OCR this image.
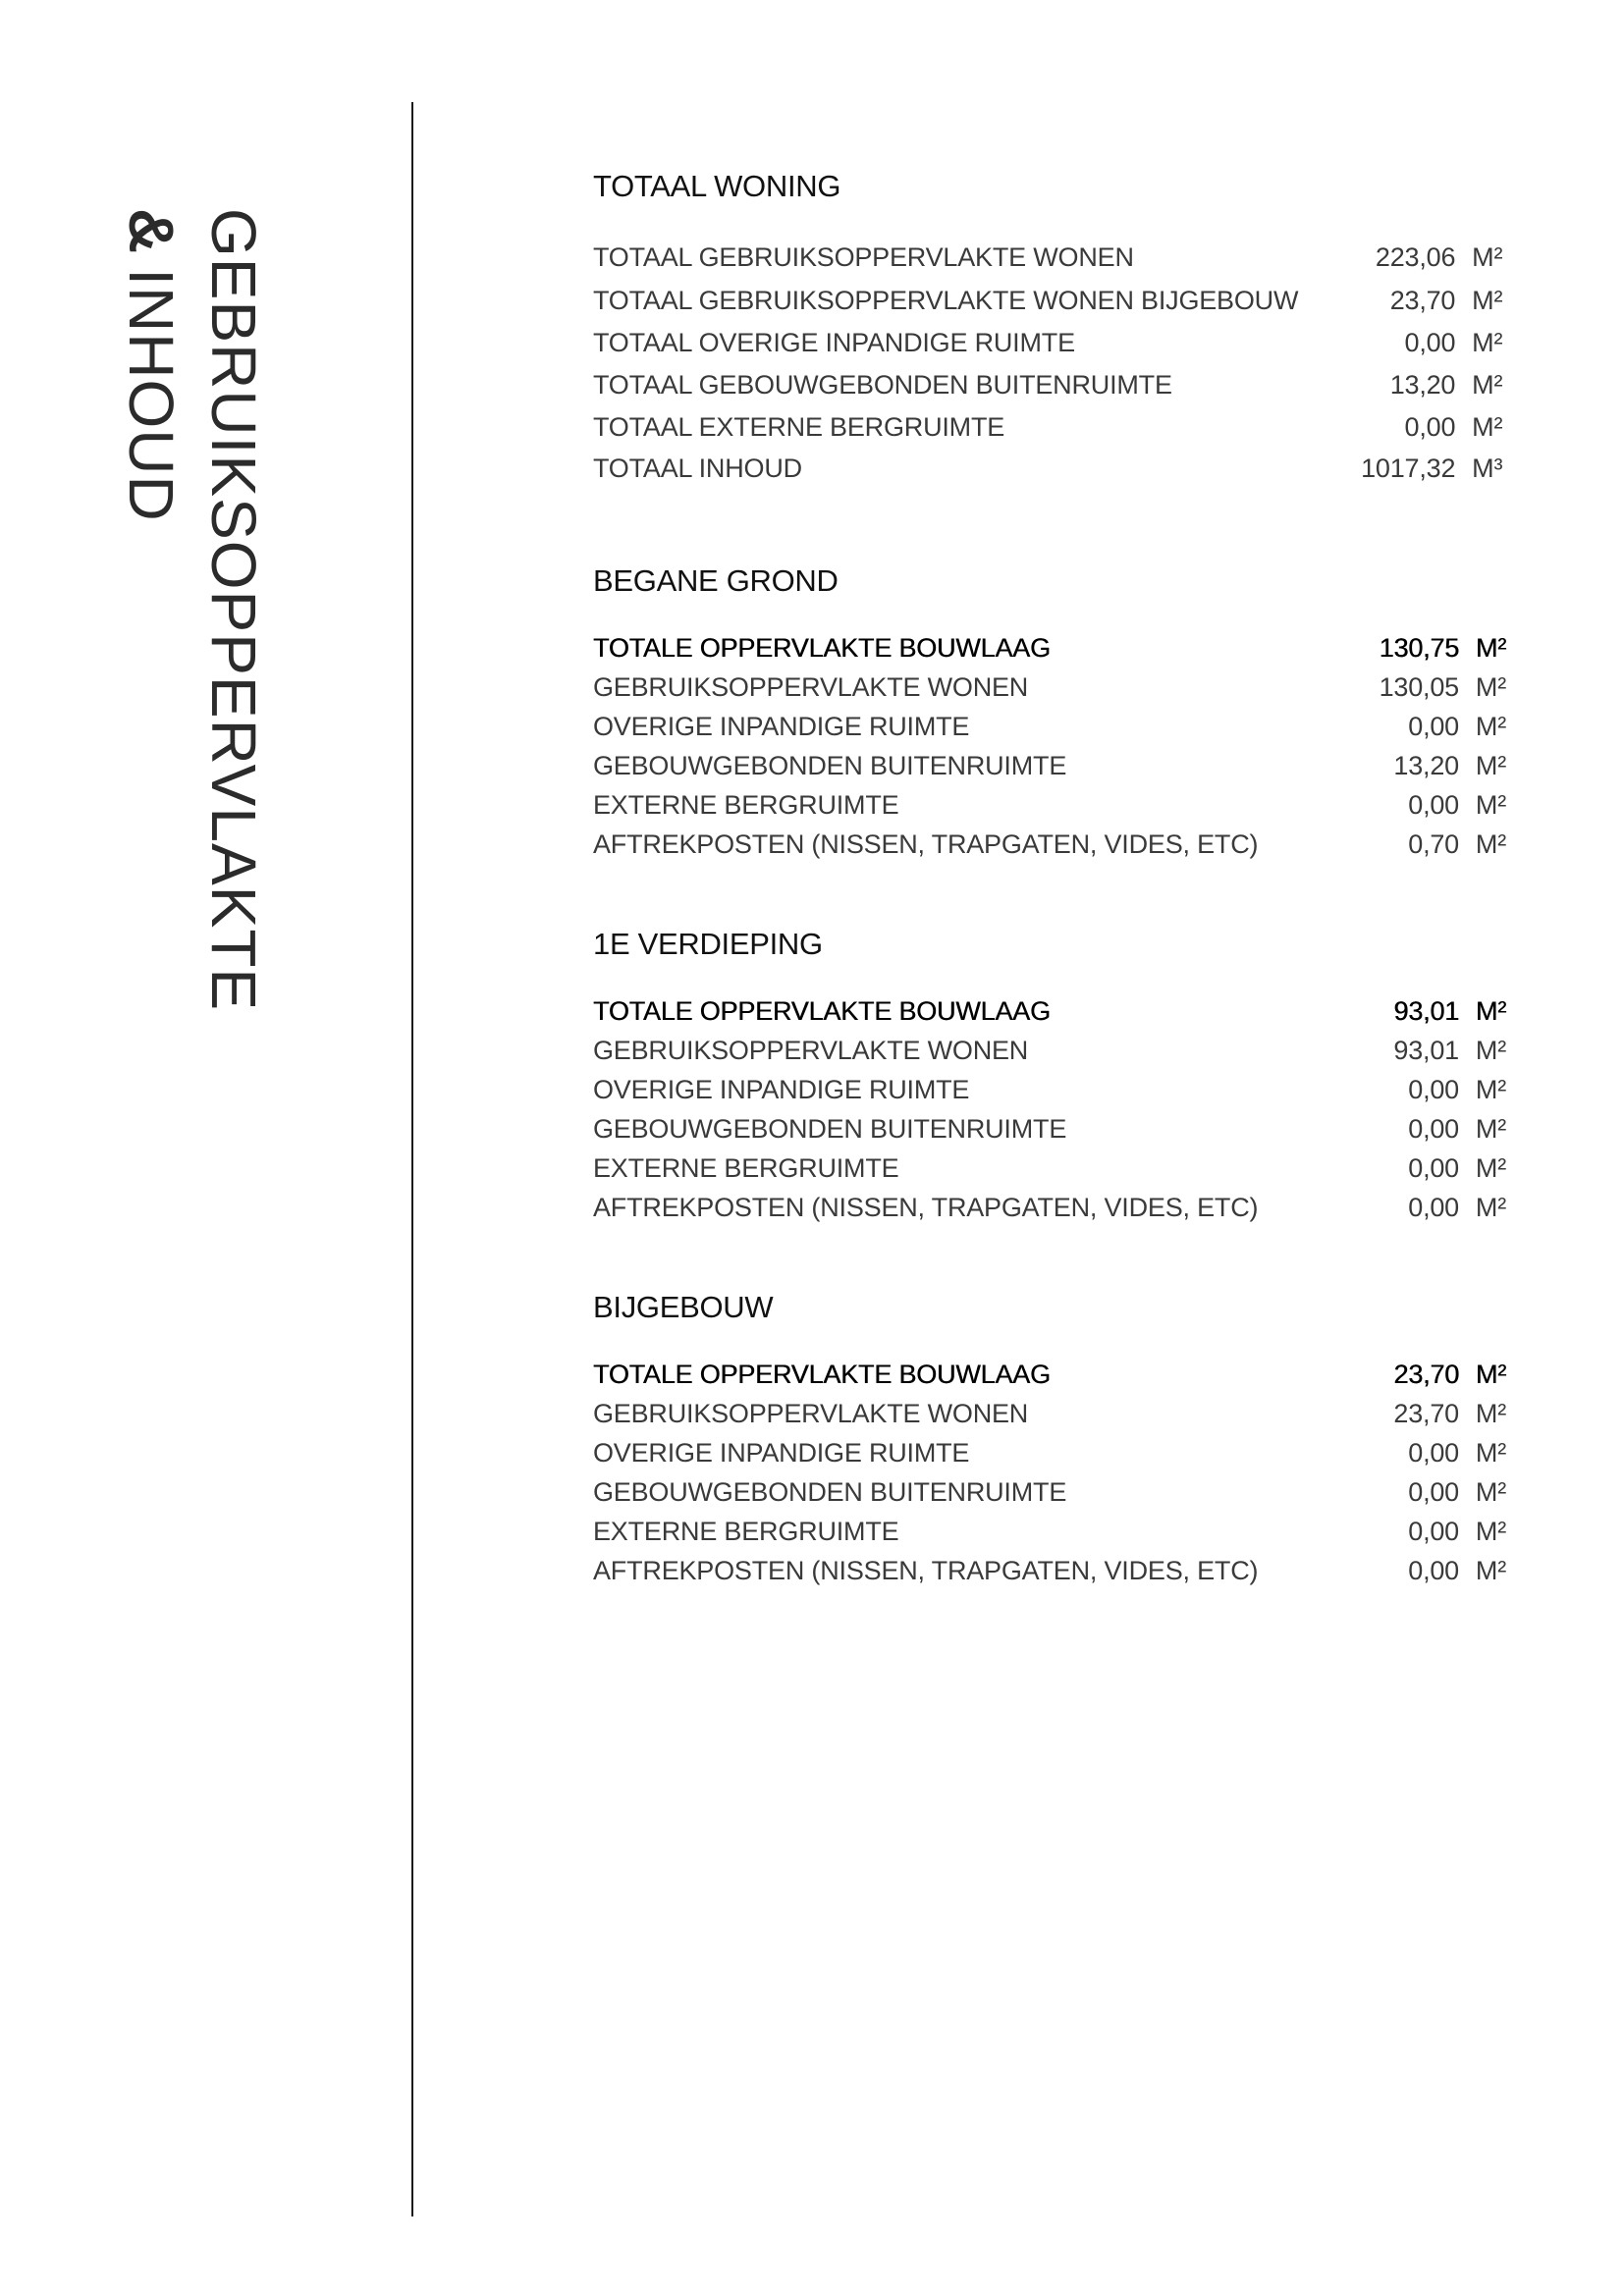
GEBRUIKSOPPERVLAKTE
&INHOUD
TOTAAL WONING
TOTAAL GEBRUIKSOPPERVLAKTE WONEN	223,06 M²
TOTAAL GEBRUIKSOPPERVLAKTE WONEN BIJGEBOUW	23,70 M²
TOTAAL OVERIGE INPANDIGE RUIMTE	0,00 M²
TOTAAL GEBOUWGEBONDEN BUITENRUIMTE	13,20 M²
TOTAAL EXTERNE BERGRUIMTE	0,00 M²
TOTAAL INHOUD	1017,32 M³
BEGANE GROND
TOTALE OPPERVLAKTE BOUWLAAG	130,75 M²
GEBRUIKSOPPERVLAKTE WONEN	130,05 M²
OVERIGE INPANDIGE RUIMTE	0,00 M²
GEBOUWGEBONDEN BUITENRUIMTE	13,20 M²
EXTERNE BERGRUIMTE	0,00 M²
AFTREKPOSTEN (NISSEN, TRAPGATEN, VIDES, ETC)	0,70 M²
1E VERDIEPING
TOTALE OPPERVLAKTE BOUWLAAG	93,01 M²
GEBRUIKSOPPERVLAKTE WONEN	93,01 M²
OVERIGE INPANDIGE RUIMTE	0,00 M²
GEBOUWGEBONDEN BUITENRUIMTE	0,00 M²
EXTERNE BERGRUIMTE	0,00 M²
AFTREKPOSTEN (NISSEN, TRAPGATEN, VIDES, ETC)	0,00 M²
BIJGEBOUW
TOTALE OPPERVLAKTE BOUWLAAG	23,70 M²
GEBRUIKSOPPERVLAKTE WONEN	23,70 M²
OVERIGE INPANDIGE RUIMTE	0,00 M²
GEBOUWGEBONDEN BUITENRUIMTE	0,00 M²
EXTERNE BERGRUIMTE	0,00 M²
AFTREKPOSTEN (NISSEN, TRAPGATEN, VIDES, ETC)	0,00 M²
